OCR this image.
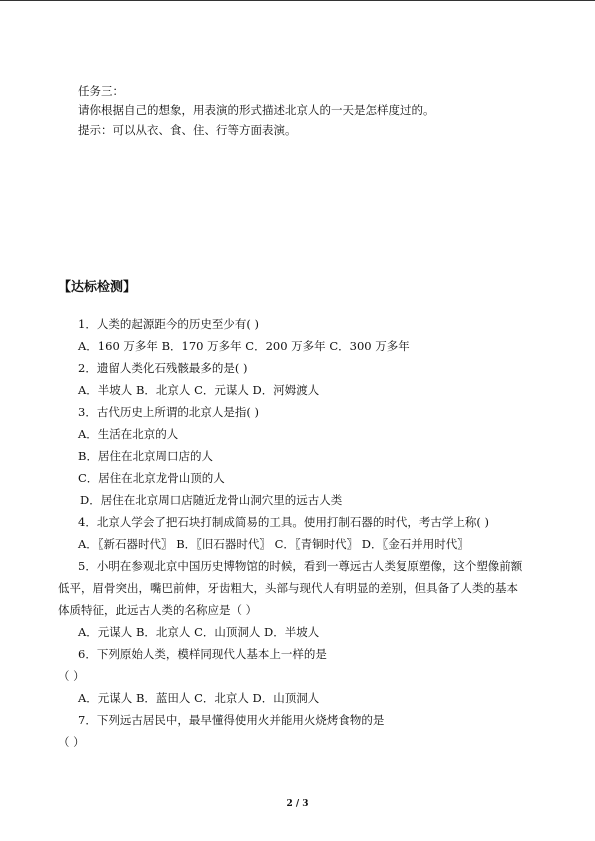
任务三：
请你根据自己的想象，用表演的形式描述北京人的一天是怎样度过的。
提示：可以从衣、食、住、行等方面表演。
【达标检测】
1．人类的起源距今的历史至少有( )
A．160 万多年 B．170 万多年 C．200 万多年 C．300 万多年
2．遗留人类化石残骸最多的是( )
A．半坡人 B．北京人 C．元谋人 D．河姆渡人
3．古代历史上所谓的北京人是指( )
A．生活在北京的人
B．居住在北京周口店的人
C．居住在北京龙骨山顶的人
D．居住在北京周口店随近龙骨山洞穴里的远古人类
4．北京人学会了把石块打制成简易的工具。使用打制石器的时代，考古学上称( )
A．〖新石器时代〗 B．〖旧石器时代〗 C．〖青铜时代〗 D．〖金石并用时代〗
5．小明在参观北京中国历史博物馆的时候，看到一尊远古人类复原塑像，这个塑像前额
低平，眉骨突出，嘴巴前伸，牙齿粗大，头部与现代人有明显的差别，但具备了人类的基本
体质特征，此远古人类的名称应是（ ）
A．元谋人 B．北京人 C．山顶洞人 D．半坡人
6．下列原始人类，模样同现代人基本上一样的是
（ ）
A．元谋人 B．蓝田人 C．北京人 D．山顶洞人
7．下列远古居民中，最早懂得使用火并能用火烧烤食物的是
（ ）
2 / 3
